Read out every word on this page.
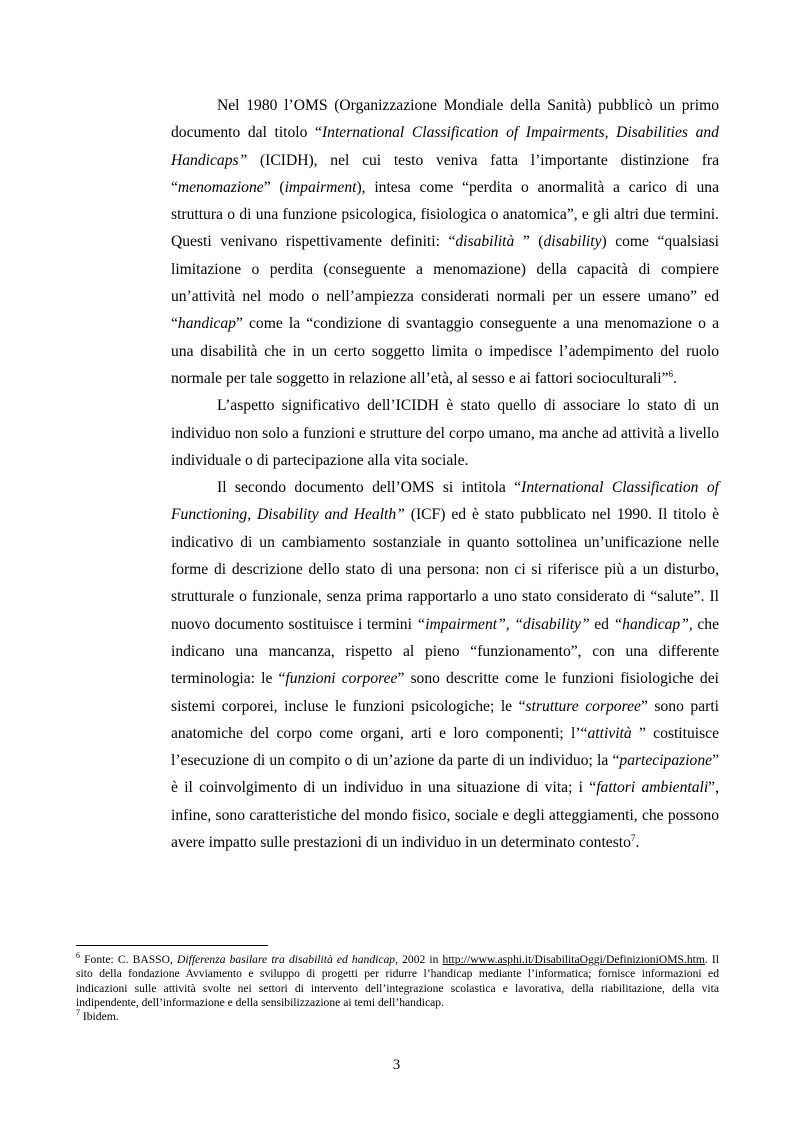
Nel 1980 l’OMS (Organizzazione Mondiale della Sanità) pubblicò un primo documento dal titolo “International Classification of Impairments, Disabilities and Handicaps” (ICIDH), nel cui testo veniva fatta l’importante distinzione fra “menomazione” (impairment), intesa come “perdita o anormalità a carico di una struttura o di una funzione psicologica, fisiologica o anatomica”, e gli altri due termini. Questi venivano rispettivamente definiti: “disabilità ” (disability) come “qualsiasi limitazione o perdita (conseguente a menomazione) della capacità di compiere un’attività nel modo o nell’ampiezza considerati normali per un essere umano” ed “handicap” come la “condizione di svantaggio conseguente a una menomazione o a una disabilità che in un certo soggetto limita o impedisce l’adempimento del ruolo normale per tale soggetto in relazione all’età, al sesso e ai fattori socioculturali”$^6$.

L’aspetto significativo dell’ICIDH è stato quello di associare lo stato di un individuo non solo a funzioni e strutture del corpo umano, ma anche ad attività a livello individuale o di partecipazione alla vita sociale.

Il secondo documento dell’OMS si intitola “International Classification of Functioning, Disability and Health” (ICF) ed è stato pubblicato nel 1990. Il titolo è indicativo di un cambiamento sostanziale in quanto sottolinea un’unificazione nelle forme di descrizione dello stato di una persona: non ci si riferisce più a un disturbo, strutturale o funzionale, senza prima rapportarlo a uno stato considerato di “salute”. Il nuovo documento sostituisce i termini “impairment”, “disability” ed “handicap”, che indicano una mancanza, rispetto al pieno “funzionamento”, con una differente terminologia: le “funzioni corporee” sono descritte come le funzioni fisiologiche dei sistemi corporei, incluse le funzioni psicologiche; le “strutture corporee” sono parti anatomiche del corpo come organi, arti e loro componenti; l’“attività ” costituisce l’esecuzione di un compito o di un’azione da parte di un individuo; la “partecipazione” è il coinvolgimento di un individuo in una situazione di vita; i “fattori ambientali”, infine, sono caratteristiche del mondo fisico, sociale e degli atteggiamenti, che possono avere impatto sulle prestazioni di un individuo in un determinato contesto$^7$.

$^6$ Fonte: C. BASSO, Differenza basilare tra disabilità ed handicap, 2002 in http://www.asphi.it/DisabilitaOggi/DefinizioniOMS.htm. Il sito della fondazione Avviamento e sviluppo di progetti per ridurre l’handicap mediante l’informatica; fornisce informazioni ed indicazioni sulle attività svolte nei settori di intervento dell’integrazione scolastica e lavorativa, della riabilitazione, della vita indipendente, dell’informazione e della sensibilizzazione ai temi dell’handicap.

$^7$ Ibidem.

3
